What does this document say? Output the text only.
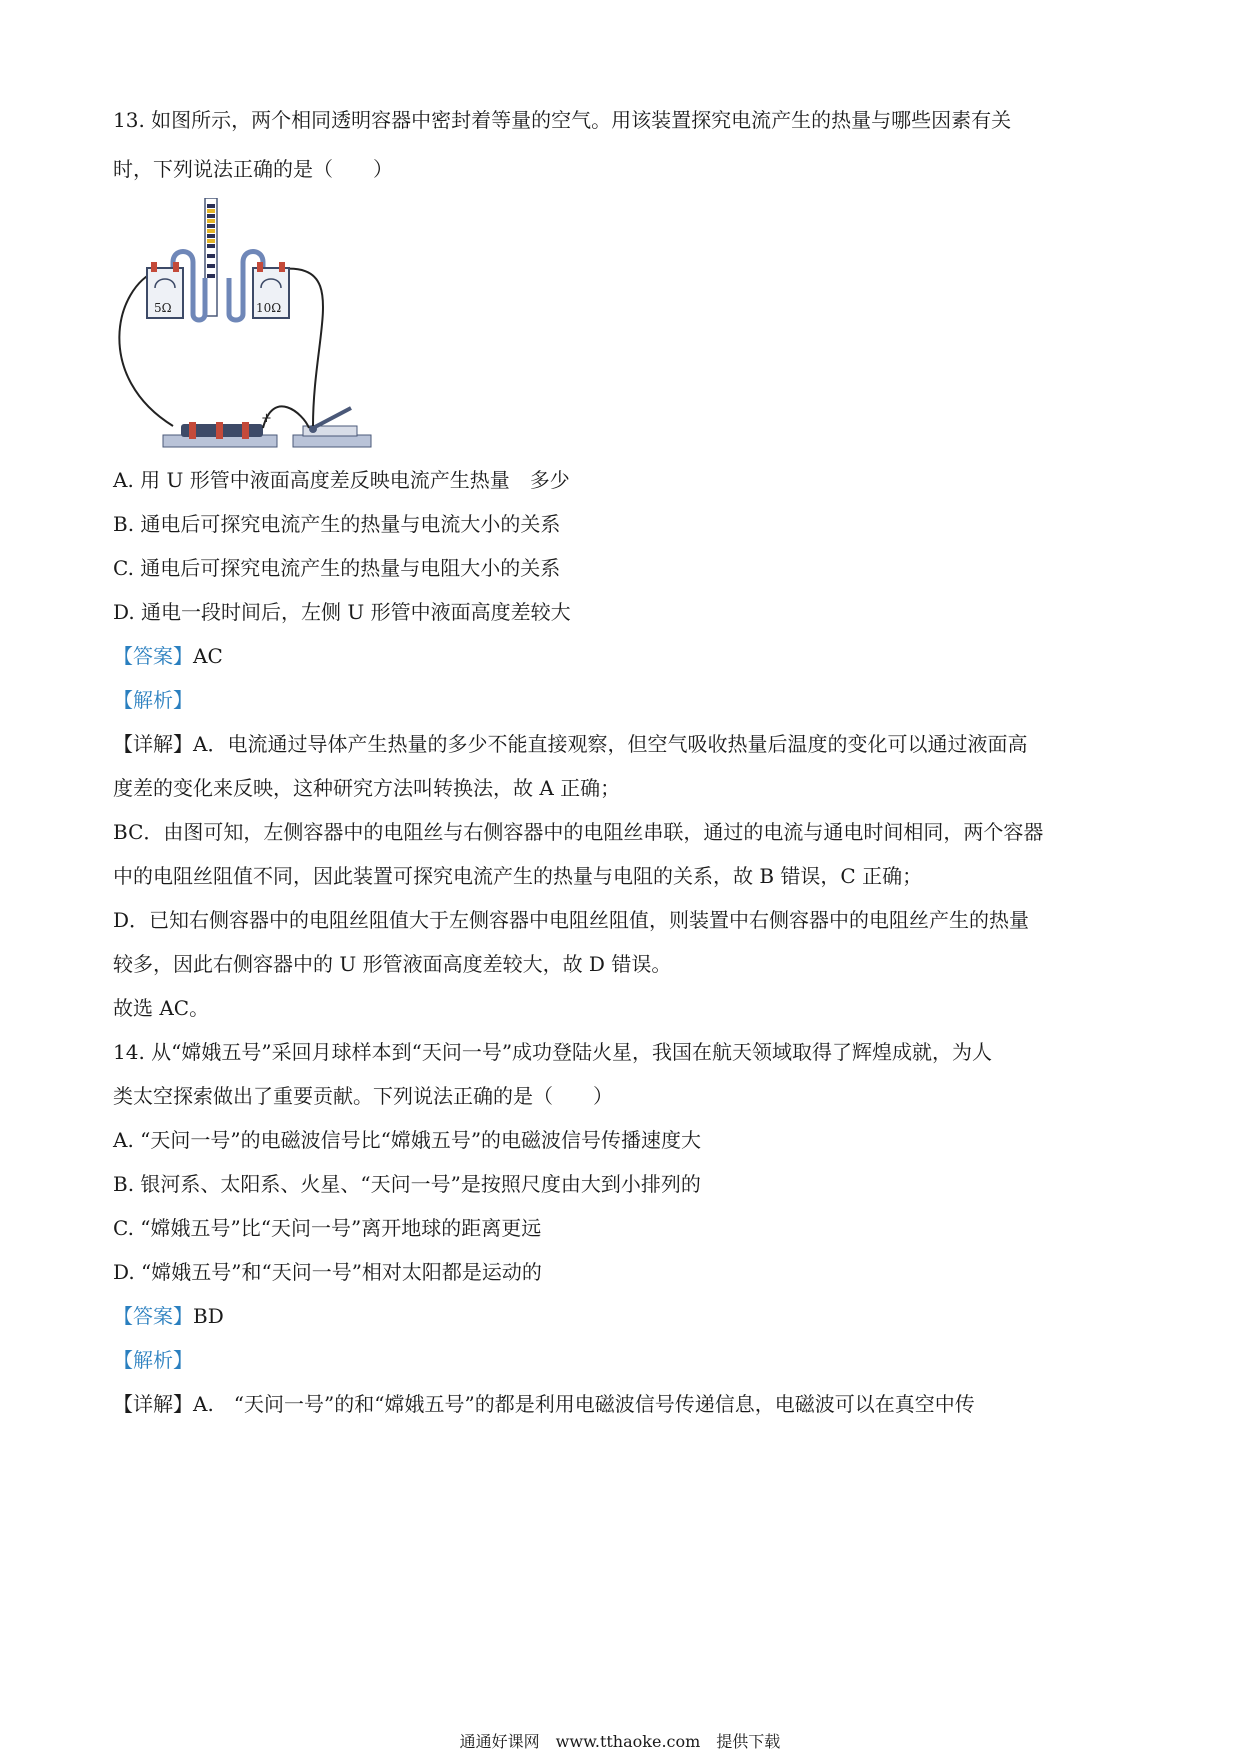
13. 如图所示，两个相同透明容器中密封着等量的空气。用该装置探究电流产生的热量与哪些因素有关
时，下列说法正确的是（　　）
+
5Ω	10Ω
A. 用 U 形管中液面高度差反映电流产生热量　多少
B. 通电后可探究电流产生的热量与电流大小的关系
C. 通电后可探究电流产生的热量与电阻大小的关系
D. 通电一段时间后，左侧 U 形管中液面高度差较大
【答案】AC
【解析】
【详解】A．电流通过导体产生热量的多少不能直接观察，但空气吸收热量后温度的变化可以通过液面高
度差的变化来反映，这种研究方法叫转换法，故 A 正确；
BC．由图可知，左侧容器中的电阻丝与右侧容器中的电阻丝串联，通过的电流与通电时间相同，两个容器
中的电阻丝阻值不同，因此装置可探究电流产生的热量与电阻的关系，故 B 错误，C 正确；
D．已知右侧容器中的电阻丝阻值大于左侧容器中电阻丝阻值，则装置中右侧容器中的电阻丝产生的热量
较多，因此右侧容器中的 U 形管液面高度差较大，故 D 错误。
故选 AC。
14. 从“嫦娥五号”采回月球样本到“天问一号”成功登陆火星，我国在航天领域取得了辉煌成就，为人
类太空探索做出了重要贡献。下列说法正确的是（　　）
A. “天问一号”的电磁波信号比“嫦娥五号”的电磁波信号传播速度大
B. 银河系、太阳系、火星、“天问一号”是按照尺度由大到小排列的
C. “嫦娥五号”比“天问一号”离开地球的距离更远
D. “嫦娥五号”和“天问一号”相对太阳都是运动的
【答案】BD
【解析】
【详解】A.　“天问一号”的和“嫦娥五号”的都是利用电磁波信号传递信息，电磁波可以在真空中传
通通好课网　www.tthaoke.com　提供下载
